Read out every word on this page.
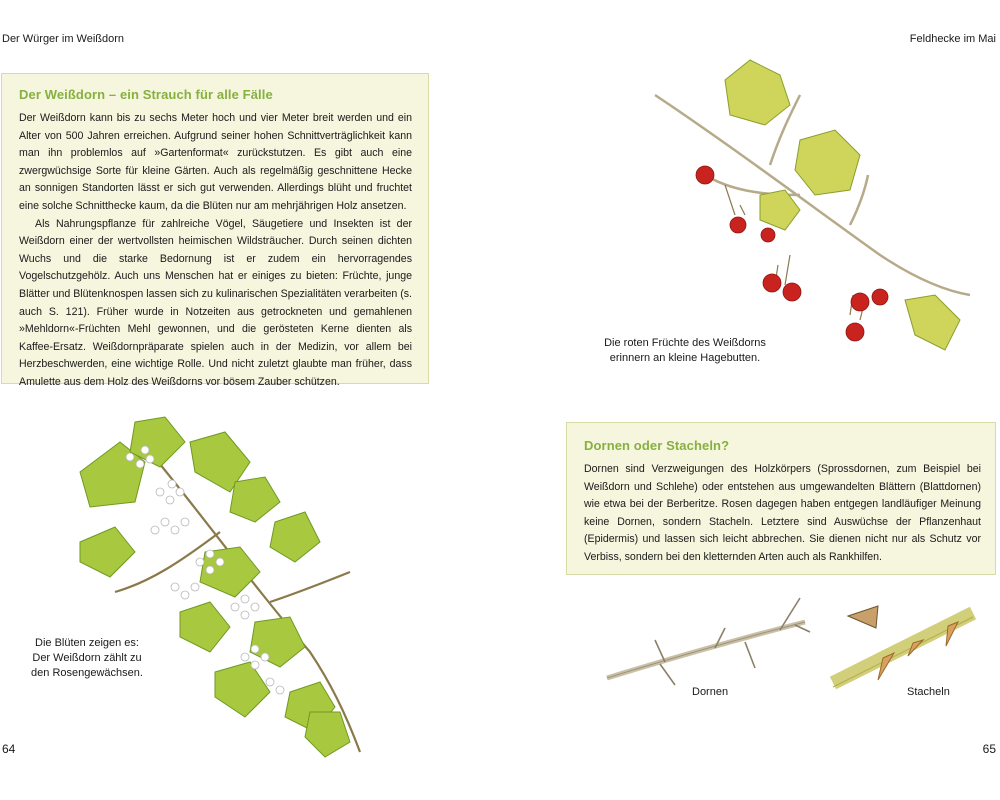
Der Würger im Weißdorn	Feldhecke im Mai
Der Weißdorn – ein Strauch für alle Fälle

Der Weißdorn kann bis zu sechs Meter hoch und vier Meter breit werden und ein Alter von 500 Jahren erreichen. Aufgrund seiner hohen Schnittverträglichkeit kann man ihn problemlos auf »Gartenformat« zurückstutzen. Es gibt auch eine zwergwüchsige Sorte für kleine Gärten. Auch als regelmäßig geschnittene Hecke an sonnigen Standorten lässt er sich gut verwenden. Allerdings blüht und fruchtet eine solche Schnitthecke kaum, da die Blüten nur am mehrjährigen Holz ansetzen.

Als Nahrungspflanze für zahlreiche Vögel, Säugetiere und Insekten ist der Weißdorn einer der wertvollsten heimischen Wildsträucher. Durch seinen dichten Wuchs und die starke Bedornung ist er zudem ein hervorragendes Vogelschutzgehölz. Auch uns Menschen hat er einiges zu bieten: Früchte, junge Blätter und Blütenknospen lassen sich zu kulinarischen Spezialitäten verarbeiten (s. auch S. 121). Früher wurde in Notzeiten aus getrockneten und gemahlenen »Mehldorn«-Früchten Mehl gewonnen, und die gerösteten Kerne dienten als Kaffee-Ersatz. Weißdornpräparate spielen auch in der Medizin, vor allem bei Herzbeschwerden, eine wichtige Rolle. Und nicht zuletzt glaubte man früher, dass Amulette aus dem Holz des Weißdorns vor bösem Zauber schützen.

Die Blüten zeigen es:
Der Weißdorn zählt zu
den Rosengewächsen.
64
Die roten Früchte des Weißdorns
erinnern an kleine Hagebutten.
Dornen oder Stacheln?

Dornen sind Verzweigungen des Holzkörpers (Sprossdornen, zum Beispiel bei Weißdorn und Schlehe) oder entstehen aus umgewandelten Blättern (Blattdornen) wie etwa bei der Berberitze. Rosen dagegen haben entgegen landläufiger Meinung keine Dornen, sondern Stacheln. Letztere sind Auswüchse der Pflanzenhaut (Epidermis) und lassen sich leicht abbrechen. Sie dienen nicht nur als Schutz vor Verbiss, sondern bei den kletternden Arten auch als Rankhilfen.

Dornen	Stacheln
65
